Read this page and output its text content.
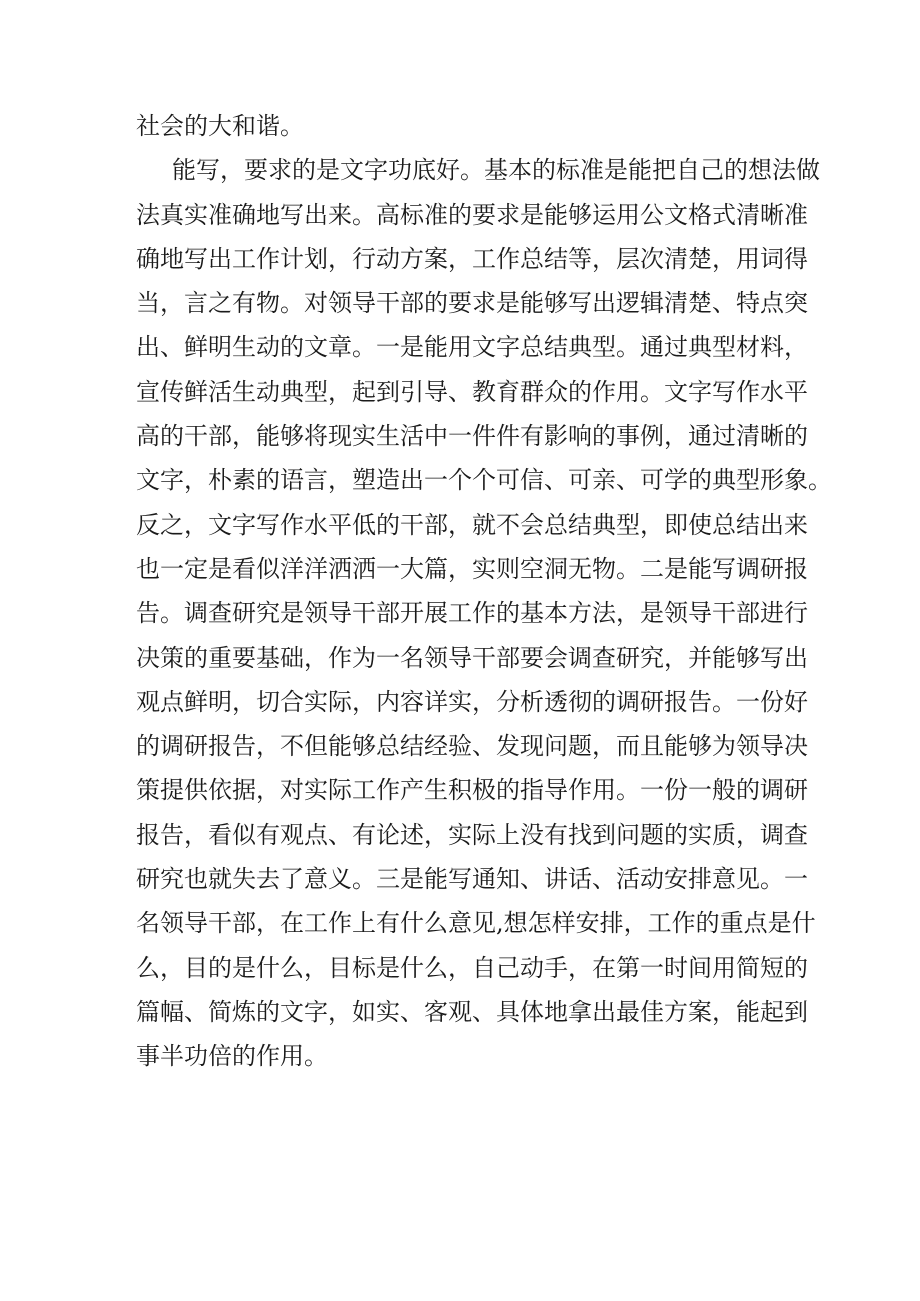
社会的大和谐。
能写，要求的是文字功底好。基本的标准是能把自己的想法做
法真实准确地写出来。高标准的要求是能够运用公文格式清晰准
确地写出工作计划，行动方案，工作总结等，层次清楚，用词得
当，言之有物。对领导干部的要求是能够写出逻辑清楚、特点突
出、鲜明生动的文章。一是能用文字总结典型。通过典型材料，
宣传鲜活生动典型，起到引导、教育群众的作用。文字写作水平
高的干部，能够将现实生活中一件件有影响的事例，通过清晰的
文字，朴素的语言，塑造出一个个可信、可亲、可学的典型形象。
反之，文字写作水平低的干部，就不会总结典型，即使总结出来
也一定是看似洋洋洒洒一大篇，实则空洞无物。二是能写调研报
告。调查研究是领导干部开展工作的基本方法，是领导干部进行
决策的重要基础，作为一名领导干部要会调查研究，并能够写出
观点鲜明，切合实际，内容详实，分析透彻的调研报告。一份好
的调研报告，不但能够总结经验、发现问题，而且能够为领导决
策提供依据，对实际工作产生积极的指导作用。一份一般的调研
报告，看似有观点、有论述，实际上没有找到问题的实质，调查
研究也就失去了意义。三是能写通知、讲话、活动安排意见。一
名领导干部，在工作上有什么意见,想怎样安排，工作的重点是什
么，目的是什么，目标是什么，自己动手，在第一时间用简短的
篇幅、简炼的文字，如实、客观、具体地拿出最佳方案，能起到
事半功倍的作用。
